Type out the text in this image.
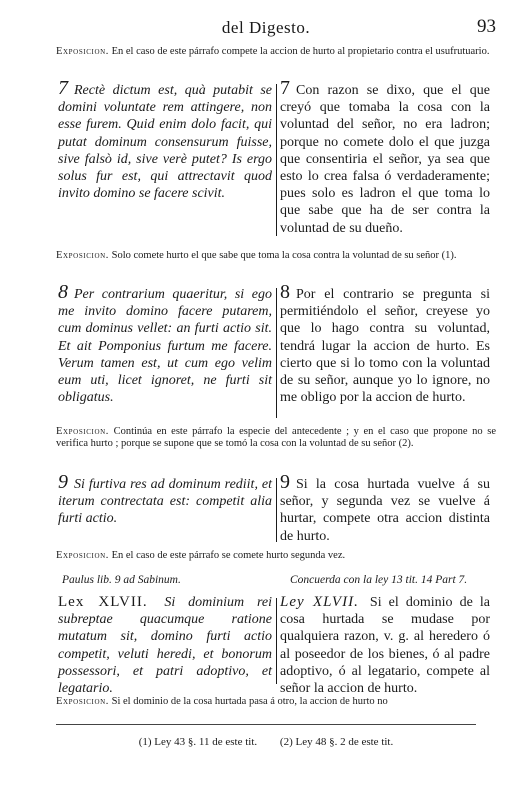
del Digesto.	93
Exposicion. En el caso de este párrafo compete la accion de hurto al propietario contra el usufrutuario.
7 Rectè dictum est, quà putabit se domini voluntate rem attingere, non esse furem. Quid enim dolo facit, qui putat dominum consensurum fuisse, sive falsò id, sive verè putet? Is ergo solus fur est, qui attrectavit quod invito domino se facere scivit.
7 Con razon se dixo, que el que creyó que tomaba la cosa con la voluntad del señor, no era ladron; porque no comete dolo el que juzga que consentiria el señor, ya sea que esto lo crea falsa ó verdaderamente; pues solo es ladron el que toma lo que sabe que ha de ser contra la voluntad de su dueño.
Exposicion. Solo comete hurto el que sabe que toma la cosa contra la voluntad de su señor (1).
8 Per contrarium quaeritur, si ego me invito domino facere putarem, cum dominus vellet: an furti actio sit. Et ait Pomponius furtum me facere. Verum tamen est, ut cum ego velim eum uti, licet ignoret, ne furti sit obligatus.
8 Por el contrario se pregunta si permitiéndolo el señor, creyese yo que lo hago contra su voluntad, tendrá lugar la accion de hurto. Es cierto que si lo tomo con la voluntad de su señor, aunque yo lo ignore, no me obligo por la accion de hurto.
Exposicion. Continúa en este párrafo la especie del antecedente ; y en el caso que propone no se verifica hurto ; porque se supone que se tomó la cosa con la voluntad de su señor (2).
9 Si furtiva res ad dominum rediit, et iterum contrectata est: competit alia furti actio.
9 Si la cosa hurtada vuelve á su señor, y segunda vez se vuelve á hurtar, compete otra accion distinta de hurto.
Exposicion. En el caso de este párrafo se comete hurto segunda vez.
Paulus lib. 9 ad Sabinum.	Concuerda con la ley 13 tit. 14 Part 7.
Lex XLVII. Si dominium rei subreptae quacumque ratione mutatum sit, domino furti actio competit, veluti heredi, et bonorum possessori, et patri adoptivo, et legatario.
Ley XLVII. Si el dominio de la cosa hurtada se mudase por qualquiera razon, v. g. al heredero ó al poseedor de los bienes, ó al padre adoptivo, ó al legatario, compete al señor la accion de hurto.
Exposicion. Si el dominio de la cosa hurtada pasa á otro, la accion de hurto no
(1) Ley 43 §. 11 de este tit. (2) Ley 48 §. 2 de este tit.
